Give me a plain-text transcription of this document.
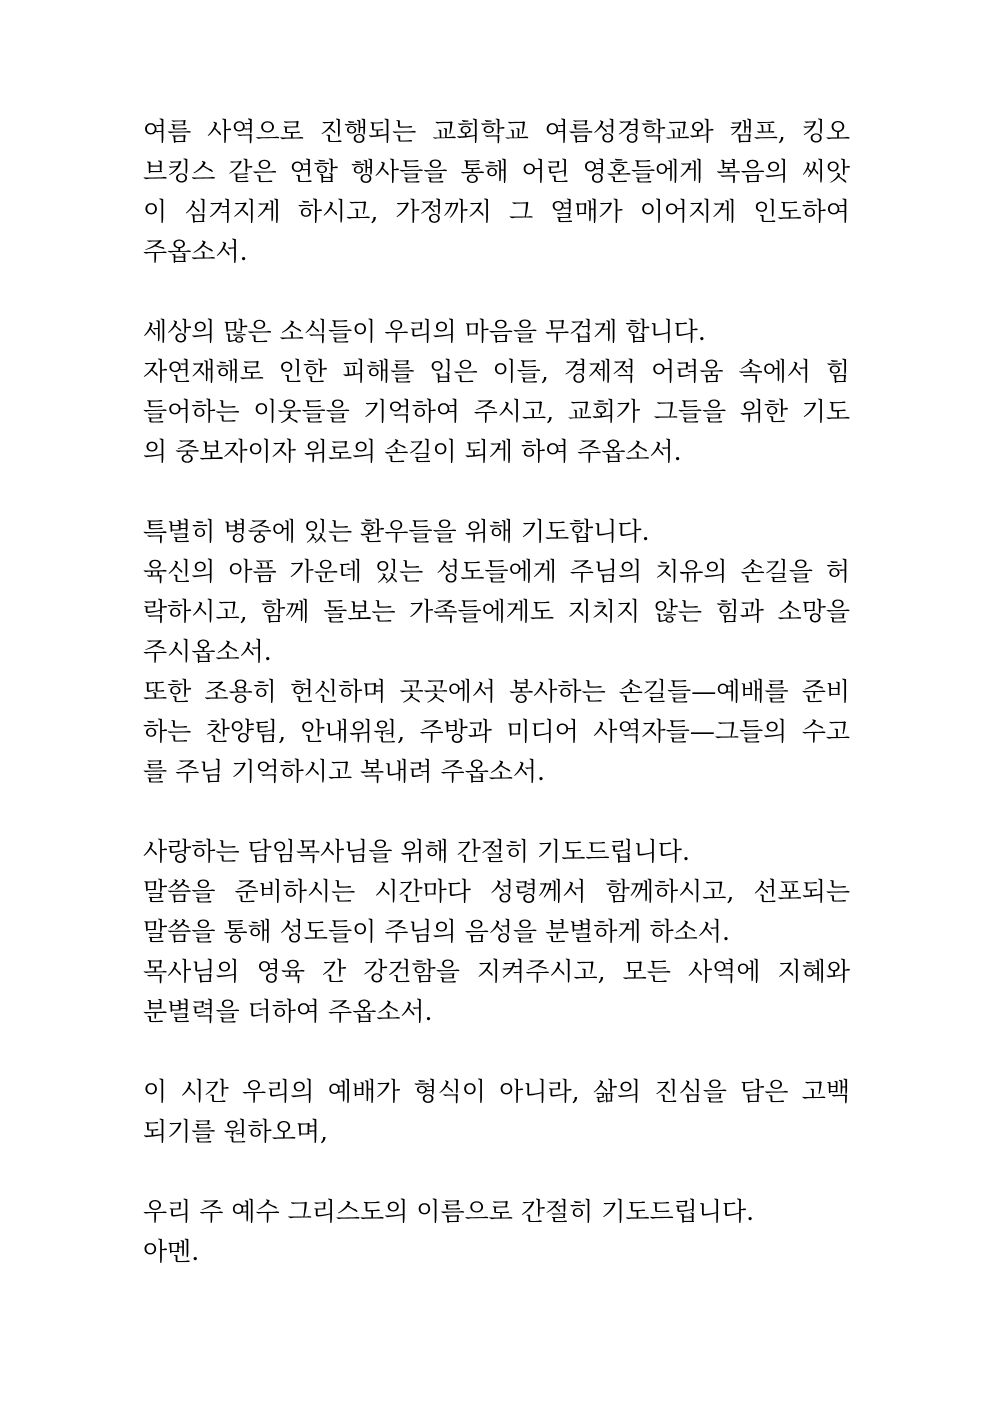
여름 사역으로 진행되는 교회학교 여름성경학교와 캠프, 킹오
브킹스 같은 연합 행사들을 통해 어린 영혼들에게 복음의 씨앗
이 심겨지게 하시고, 가정까지 그 열매가 이어지게 인도하여
주옵소서.
세상의 많은 소식들이 우리의 마음을 무겁게 합니다.
자연재해로 인한 피해를 입은 이들, 경제적 어려움 속에서 힘
들어하는 이웃들을 기억하여 주시고, 교회가 그들을 위한 기도
의 중보자이자 위로의 손길이 되게 하여 주옵소서.
특별히 병중에 있는 환우들을 위해 기도합니다.
육신의 아픔 가운데 있는 성도들에게 주님의 치유의 손길을 허
락하시고, 함께 돌보는 가족들에게도 지치지 않는 힘과 소망을
주시옵소서.
또한 조용히 헌신하며 곳곳에서 봉사하는 손길들—예배를 준비
하는 찬양팀, 안내위원, 주방과 미디어 사역자들—그들의 수고
를 주님 기억하시고 복내려 주옵소서.
사랑하는 담임목사님을 위해 간절히 기도드립니다.
말씀을 준비하시는 시간마다 성령께서 함께하시고, 선포되는
말씀을 통해 성도들이 주님의 음성을 분별하게 하소서.
목사님의 영육 간 강건함을 지켜주시고, 모든 사역에 지혜와
분별력을 더하여 주옵소서.
이 시간 우리의 예배가 형식이 아니라, 삶의 진심을 담은 고백
되기를 원하오며,
우리 주 예수 그리스도의 이름으로 간절히 기도드립니다.
아멘.
